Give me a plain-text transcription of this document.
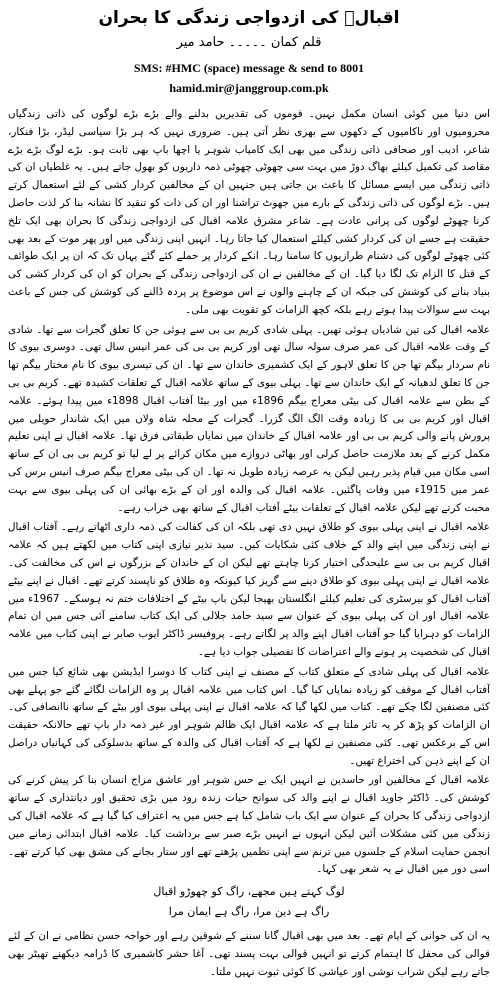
اقبالؒ کی ازدواجی زندگی کا بحران
قلم کمان ۔۔۔۔۔ حامد میر
SMS: #HMC (space) message & send to 8001
hamid.mir@janggroup.com.pk

اس دنیا میں کوئی انسان مکمل نہیں۔ قوموں کی تقدیریں بدلنے والے بڑے بڑے لوگوں کی ذاتی زندگیاں محرومیوں اور ناکامیوں کے دکھوں سے بھری نظر آتی ہیں۔ ضروری نہیں کہ ہر بڑا سیاسی لیڈر، بڑا فنکار، شاعر، ادیب اور صحافی ذاتی زندگی میں بھی ایک کامیاب شوہر یا اچھا باپ بھی ثابت ہو۔ بڑے لوگ بڑے بڑے مقاصد کی تکمیل کیلئے بھاگ دوڑ میں بہت سی چھوٹی چھوٹی ذمہ داریوں کو بھول جاتے ہیں۔ یہ غلطیاں ان کی ذاتی زندگی میں ایسے مسائل کا باعث بن جاتی ہیں جنہیں ان کے مخالفین کردار کشی کے لئے استعمال کرتے ہیں۔ بڑے لوگوں کی ذاتی زندگی کے بارے میں جھوٹ تراشنا اور ان کی ذات کو تنقید کا نشانہ بنا کر لذت حاصل کرنا چھوٹے لوگوں کی پرانی عادت ہے۔ شاعر مشرق علامہ اقبال کی ازدواجی زندگی کا بحران بھی ایک تلخ حقیقت ہے جسے ان کی کردار کشی کیلئے استعمال کیا جاتا رہا۔ انہیں اپنی زندگی میں اور پھر موت کے بعد بھی کئی چھوٹے لوگوں کی دشنام طرازیوں کا سامنا رہا۔ انکے کردار پر حملے کئے گئے یہاں تک کہ ان پر ایک طوائف کے قتل کا الزام تک لگا دیا گیا۔ ان کے مخالفین نے ان کی ازدواجی زندگی کے بحران کو ان کی کردار کشی کی بنیاد بنانے کی کوشش کی جبکہ ان کے چاہنے والوں نے اس موضوع پر پردہ ڈالنے کی کوشش کی جس کے باعث بہت سے سوالات پیدا ہوتے رہے بلکہ کچھ الزامات کو تقویت بھی ملی۔

علامہ اقبال کی تین شادیاں ہوئی تھیں۔ پہلی شادی کریم بی بی سے ہوئی جن کا تعلق گجرات سے تھا۔ شادی کے وقت علامہ اقبال کی عمر صرف سولہ سال تھی اور کریم بی بی کی عمر انیس سال تھی۔ دوسری بیوی کا نام سردار بیگم تھا جن کا تعلق لاہور کے ایک کشمیری خاندان سے تھا۔ ان کی تیسری بیوی کا نام مختار بیگم تھا جن کا تعلق لدھیانہ کے ایک خاندان سے تھا۔ پہلی بیوی کے ساتھ علامہ اقبال کے تعلقات کشیدہ تھے۔ کریم بی بی کے بطن سے علامہ اقبال کی بیٹی معراج بیگم 1896ء میں اور بیٹا آفتاب اقبال 1898ء میں پیدا ہوئے۔ علامہ اقبال اور کریم بی بی کا زیادہ وقت الگ الگ گزرا۔ گجرات کے محلہ شاہ ولاں میں ایک شاندار حویلی میں پرورش پانے والی کریم بی بی اور علامہ اقبال کے خاندان میں نمایاں طبقاتی فرق تھا۔ علامہ اقبال نے اپنی تعلیم مکمل کرنے کے بعد ملازمت حاصل کرلی اور بھاٹی دروازے میں مکان کرائے پر لے لیا تو کریم بی بی ان کے ساتھ اسی مکان میں قیام پذیر رہیں لیکن یہ عرصہ زیادہ طویل نہ تھا۔ ان کی بیٹی معراج بیگم صرف انیس برس کی عمر میں 1915ء میں وفات پاگئیں۔ علامہ اقبال کی والدہ اور ان کے بڑے بھائی ان کی پہلی بیوی سے بہت محبت کرتے تھے لیکن علامہ اقبال کے تعلقات بیٹے آفتاب اقبال کے ساتھ بھی خراب رہے۔

علامہ اقبال نے اپنی پہلی بیوی کو طلاق نہیں دی تھی بلکہ ان کی کفالت کی ذمہ داری اٹھاتے رہے۔ آفتاب اقبال نے اپنی زندگی میں اپنے والد کے خلاف کئی شکایات کیں۔ سید نذیر نیازی اپنی کتاب میں لکھتے ہیں کہ علامہ اقبال کریم بی بی سے علیحدگی اختیار کرنا چاہتے تھے لیکن ان کے خاندان کے بزرگوں نے اس کی مخالفت کی۔ علامہ اقبال نے اپنی پہلی بیوی کو طلاق دینے سے گریز کیا کیونکہ وہ طلاق کو ناپسند کرتے تھے۔ اقبال نے اپنے بیٹے آفتاب اقبال کو بیرسٹری کی تعلیم کیلئے انگلستان بھیجا لیکن باپ بیٹے کے اختلافات ختم نہ ہوسکے۔ 1967ء میں علامہ اقبال اور ان کی پہلی بیوی کے عنوان سے سید حامد جلالی کی ایک کتاب سامنے آئی جس میں ان تمام الزامات کو دہرایا گیا جو آفتاب اقبال اپنے والد پر لگاتے رہے۔ پروفیسر ڈاکٹر ایوب صابر نے اپنی کتاب میں علامہ اقبال کی شخصیت پر ہونے والے اعتراضات کا تفصیلی جواب دیا ہے۔

علامہ اقبال کی پہلی شادی کے متعلق کتاب کے مصنف نے اپنی کتاب کا دوسرا ایڈیشن بھی شائع کیا جس میں آفتاب اقبال کے موقف کو زیادہ نمایاں کیا گیا۔ اس کتاب میں علامہ اقبال پر وہ الزامات لگائے گئے جو پہلے بھی کئی مصنفین لگا چکے تھے۔ کتاب میں لکھا گیا کہ علامہ اقبال نے اپنی پہلی بیوی اور بیٹے کے ساتھ ناانصافی کی۔ ان الزامات کو پڑھ کر یہ تاثر ملتا ہے کہ علامہ اقبال ایک ظالم شوہر اور غیر ذمہ دار باپ تھے حالانکہ حقیقت اس کے برعکس تھی۔ کئی مصنفین نے لکھا ہے کہ آفتاب اقبال کی والدہ کے ساتھ بدسلوکی کی کہانیاں دراصل ان کے اپنے ذہن کی اختراع تھیں۔

علامہ اقبال کے مخالفین اور حاسدین نے انہیں ایک بے حس شوہر اور عاشق مزاج انسان بنا کر پیش کرنے کی کوشش کی۔ ڈاکٹر جاوید اقبال نے اپنے والد کی سوانح حیات زندہ رود میں بڑی تحقیق اور دیانتداری کے ساتھ ازدواجی زندگی کا بحران کے عنوان سے ایک باب شامل کیا ہے جس میں یہ اعتراف کیا گیا ہے کہ علامہ اقبال کی زندگی میں کئی مشکلات آئیں لیکن انہوں نے انہیں بڑے صبر سے برداشت کیا۔ علامہ اقبال ابتدائی زمانے میں انجمن حمایت اسلام کے جلسوں میں ترنم سے اپنی نظمیں پڑھتے تھے اور ستار بجانے کی مشق بھی کیا کرتے تھے۔ اسی دور میں اقبال نے یہ شعر بھی کہا۔

لوگ کہتے ہیں مجھے، راگ کو چھوڑو اقبال
راگ ہے دین مرا، راگ ہے ایمان مرا

یہ ان کی جوانی کے ایام تھے۔ بعد میں بھی اقبال گانا سننے کے شوقین رہے اور خواجہ حسن نظامی نے ان کے لئے قوالی کی محفل کا اہتمام کرتے تو انہیں قوالی بہت پسند تھی۔ آغا حشر کاشمیری کا ڈرامہ دیکھنے تھیٹر بھی جاتے رہے لیکن شراب نوشی اور عیاشی کا کوئی ثبوت نہیں ملتا۔
